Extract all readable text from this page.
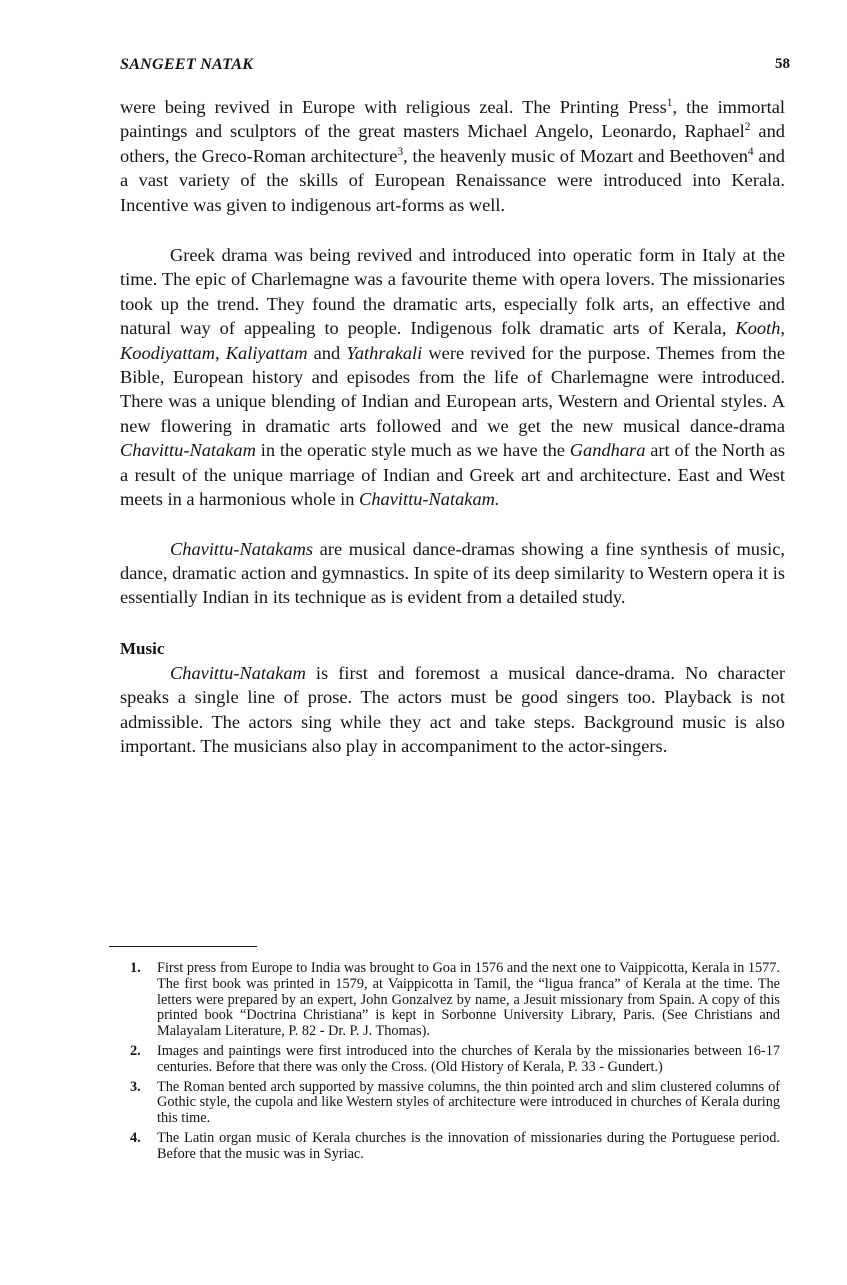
SANGEET NATAK	58

were being revived in Europe with religious zeal. The Printing Press$^1$, the immortal paintings and sculptors of the great masters Michael Angelo, Leonardo, Raphael$^2$ and others, the Greco-Roman architecture$^3$, the heavenly music of Mozart and Beethoven$^4$ and a vast variety of the skills of European Renaissance were introduced into Kerala. Incentive was given to indigenous art-forms as well.

Greek drama was being revived and introduced into operatic form in Italy at the time. The epic of Charlemagne was a favourite theme with opera lovers. The missionaries took up the trend. They found the dramatic arts, especially folk arts, an effective and natural way of appealing to people. Indigenous folk dramatic arts of Kerala, Kooth, Koodiyattam, Kaliyattam and Yathrakali were revived for the purpose. Themes from the Bible, European history and episodes from the life of Charlemagne were introduced. There was a unique blending of Indian and European arts, Western and Oriental styles. A new flowering in dramatic arts followed and we get the new musical dance-drama Chavittu-Natakam in the operatic style much as we have the Gandhara art of the North as a result of the unique marriage of Indian and Greek art and architecture. East and West meets in a harmonious whole in Chavittu-Natakam.

Chavittu-Natakams are musical dance-dramas showing a fine synthesis of music, dance, dramatic action and gymnastics. In spite of its deep similarity to Western opera it is essentially Indian in its technique as is evident from a detailed study.

Music

Chavittu-Natakam is first and foremost a musical dance-drama. No character speaks a single line of prose. The actors must be good singers too. Playback is not admissible. The actors sing while they act and take steps. Background music is also important. The musicians also play in accompaniment to the actor-singers.

1. First press from Europe to India was brought to Goa in 1576 and the next one to Vaippicotta, Kerala in 1577. The first book was printed in 1579, at Vaippicotta in Tamil, the “ligua franca” of Kerala at the time. The letters were prepared by an expert, John Gonzalvez by name, a Jesuit missionary from Spain. A copy of this printed book “Doctrina Christiana” is kept in Sorbonne University Library, Paris. (See Christians and Malayalam Literature, P. 82 - Dr. P. J. Thomas).
2. Images and paintings were first introduced into the churches of Kerala by the missionaries between 16-17 centuries. Before that there was only the Cross. (Old History of Kerala, P. 33 - Gundert.)
3. The Roman bented arch supported by massive columns, the thin pointed arch and slim clustered columns of Gothic style, the cupola and like Western styles of architecture were introduced in churches of Kerala during this time.
4. The Latin organ music of Kerala churches is the innovation of missionaries during the Portuguese period. Before that the music was in Syriac.
